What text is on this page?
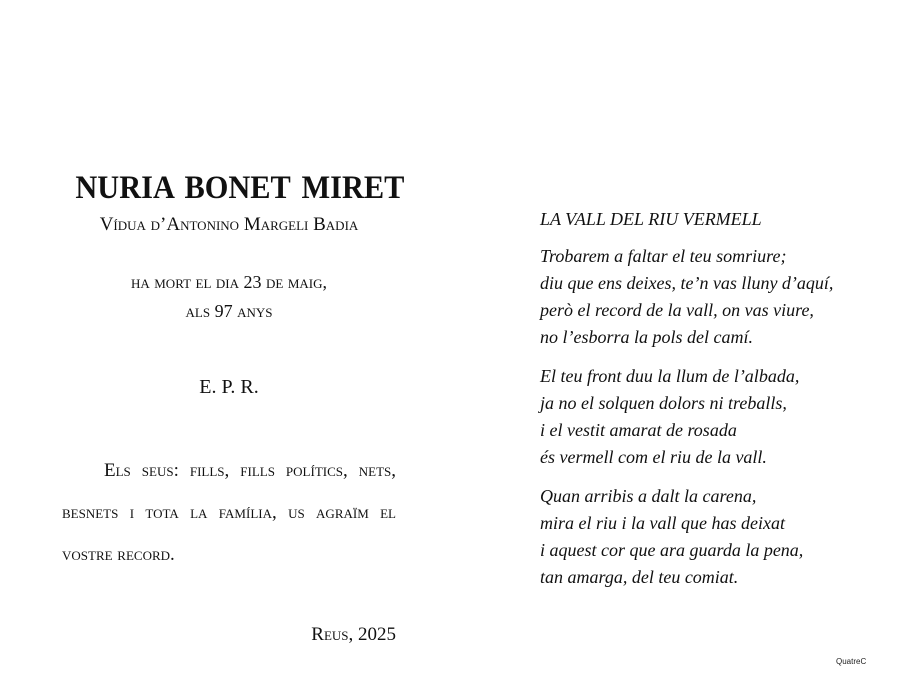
NURIA BONET MIRET

Vídua d’Antonino Margeli Badia

ha mort el dia 23 de maig,
als 97 anys

E. P. R.

Els seus: fills, fills polítics, nets, besnets i tota la família, us agraïm el vostre record.

Reus, 2025

LA VALL DEL RIU VERMELL

Trobarem a faltar el teu somriure;
diu que ens deixes, te’n vas lluny d’aquí,
però el record de la vall, on vas viure,
no l’esborra la pols del camí.
El teu front duu la llum de l’albada,
ja no el solquen dolors ni treballs,
i el vestit amarat de rosada
és vermell com el riu de la vall.
Quan arribis a dalt la carena,
mira el riu i la vall que has deixat
i aquest cor que ara guarda la pena,
tan amarga, del teu comiat.
QuatreC
